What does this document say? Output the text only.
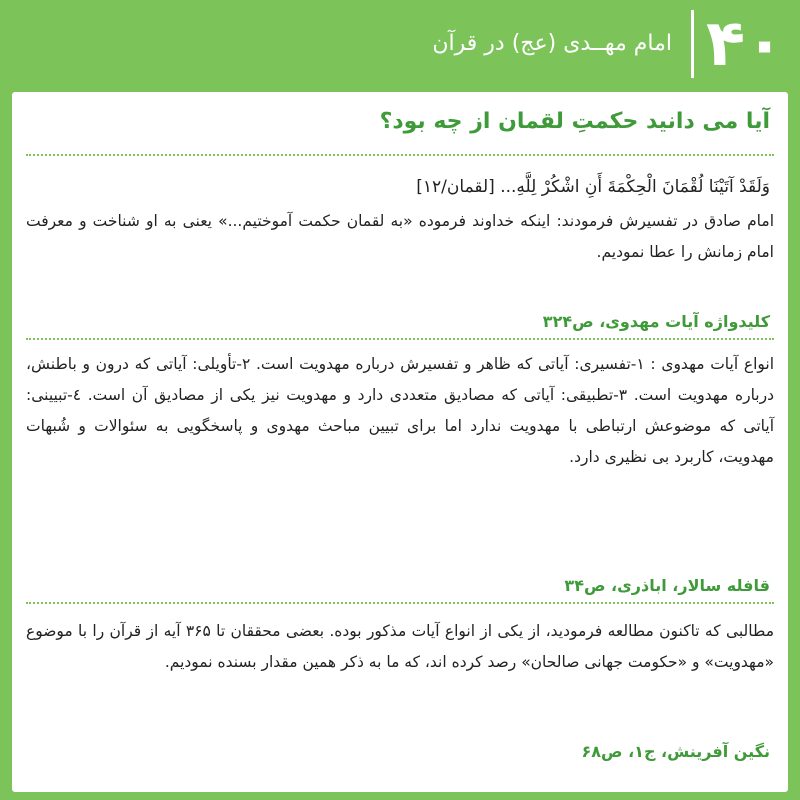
۴۰
امام مهــدی (عج) در قرآن
آیا می دانید حکمتِ لقمان از چه بود؟
وَلَقَدْ آتَیْنَا لُقْمَانَ الْحِکْمَةَ أَنِ اشْکُرْ لِلَّهِ... [لقمان/۱۲]
امام صادق در تفسیرش فرمودند: اینکه خداوند فرموده «به لقمان حکمت آموختیم...» یعنی به او شناخت و معرفت امام زمانش را عطا نمودیم.
کلیدواژه آیات مهدوی، ص۳۲۴
انواع آیات مهدوی : ۱-تفسیری: آیاتی که ظاهر و تفسیرش درباره مهدویت است. ۲-تأویلی: آیاتی که درون و باطنش، درباره مهدویت است. ۳-تطبیقی: آیاتی که مصادیق متعددی دارد و مهدویت نیز یکی از مصادیق آن است. ٤-تبیینی: آیاتی که موضوعش ارتباطی با مهدویت ندارد اما برای تبیین مباحث مهدوی و پاسخگویی به سئوالات و شُبهات مهدویت، کاربرد بی نظیری دارد.
قافله سالار، اباذری، ص۳۴
مطالبی که تاکنون مطالعه فرمودید، از یکی از انواع آیات مذکور بوده. بعضی محققان تا ۳۶۵ آیه از قرآن را با موضوع «مهدویت» و «حکومت جهانی صالحان» رصد کرده اند، که ما به ذکر همین مقدار بسنده نمودیم.
نگین آفرینش، ج۱، ص۶۸
